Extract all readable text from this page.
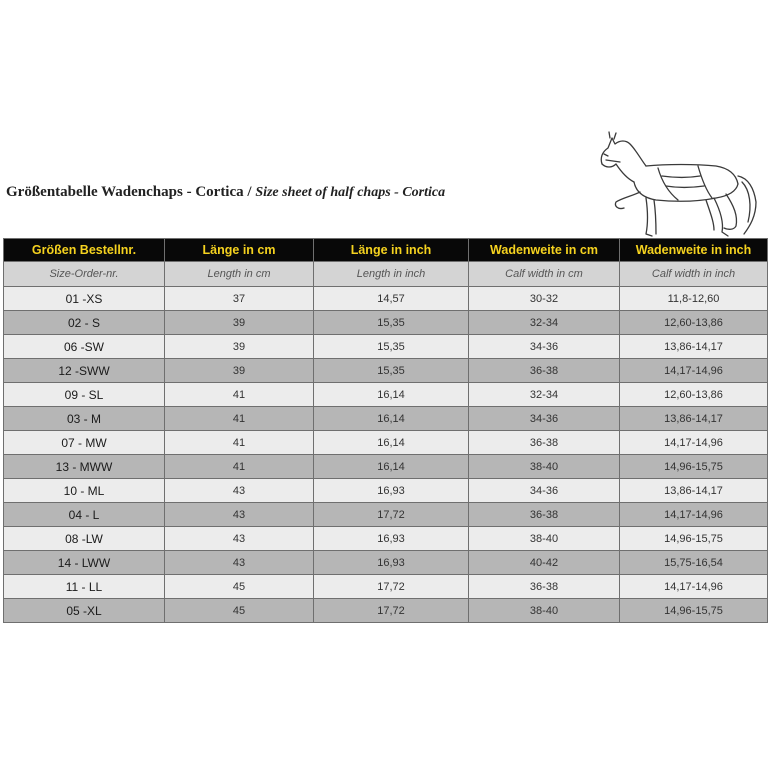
Größentabelle Wadenchaps - Cortica / Size sheet of half chaps - Cortica
Größen Bestellnr.	Länge in cm	Länge in inch	Wadenweite in cm	Wadenweite in inch
Size-Order-nr.	Length in cm	Length in inch	Calf width in cm	Calf width in inch
01 -XS	37	14,57	30-32	11,8-12,60
02 - S	39	15,35	32-34	12,60-13,86
06 -SW	39	15,35	34-36	13,86-14,17
12 -SWW	39	15,35	36-38	14,17-14,96
09 - SL	41	16,14	32-34	12,60-13,86
03 - M	41	16,14	34-36	13,86-14,17
07 - MW	41	16,14	36-38	14,17-14,96
13 - MWW	41	16,14	38-40	14,96-15,75
10 - ML	43	16,93	34-36	13,86-14,17
04 - L	43	17,72	36-38	14,17-14,96
08 -LW	43	16,93	38-40	14,96-15,75
14 - LWW	43	16,93	40-42	15,75-16,54
11 - LL	45	17,72	36-38	14,17-14,96
05 -XL	45	17,72	38-40	14,96-15,75
